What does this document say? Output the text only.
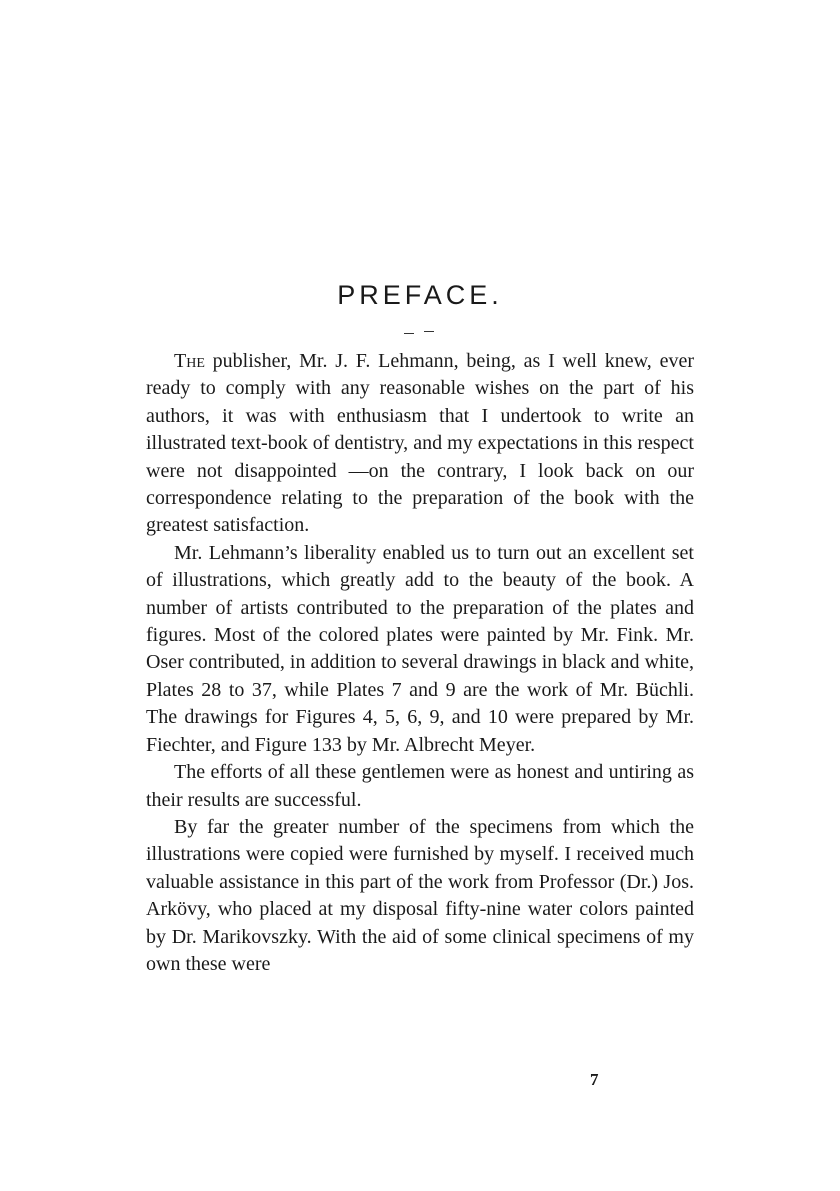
PREFACE.

The publisher, Mr. J. F. Lehmann, being, as I well knew, ever ready to comply with any reasonable wishes on the part of his authors, it was with enthusiasm that I undertook to write an illustrated text-book of dentistry, and my expectations in this respect were not disappointed —on the contrary, I look back on our correspondence relating to the preparation of the book with the greatest satisfaction.

Mr. Lehmann’s liberality enabled us to turn out an excellent set of illustrations, which greatly add to the beauty of the book. A number of artists contributed to the preparation of the plates and figures. Most of the colored plates were painted by Mr. Fink. Mr. Oser contributed, in addition to several drawings in black and white, Plates 28 to 37, while Plates 7 and 9 are the work of Mr. Büchli. The drawings for Figures 4, 5, 6, 9, and 10 were prepared by Mr. Fiechter, and Figure 133 by Mr. Albrecht Meyer.

The efforts of all these gentlemen were as honest and untiring as their results are successful.

By far the greater number of the specimens from which the illustrations were copied were furnished by myself. I received much valuable assistance in this part of the work from Professor (Dr.) Jos. Arkövy, who placed at my disposal fifty-nine water colors painted by Dr. Marikovszky. With the aid of some clinical specimens of my own these were

7
